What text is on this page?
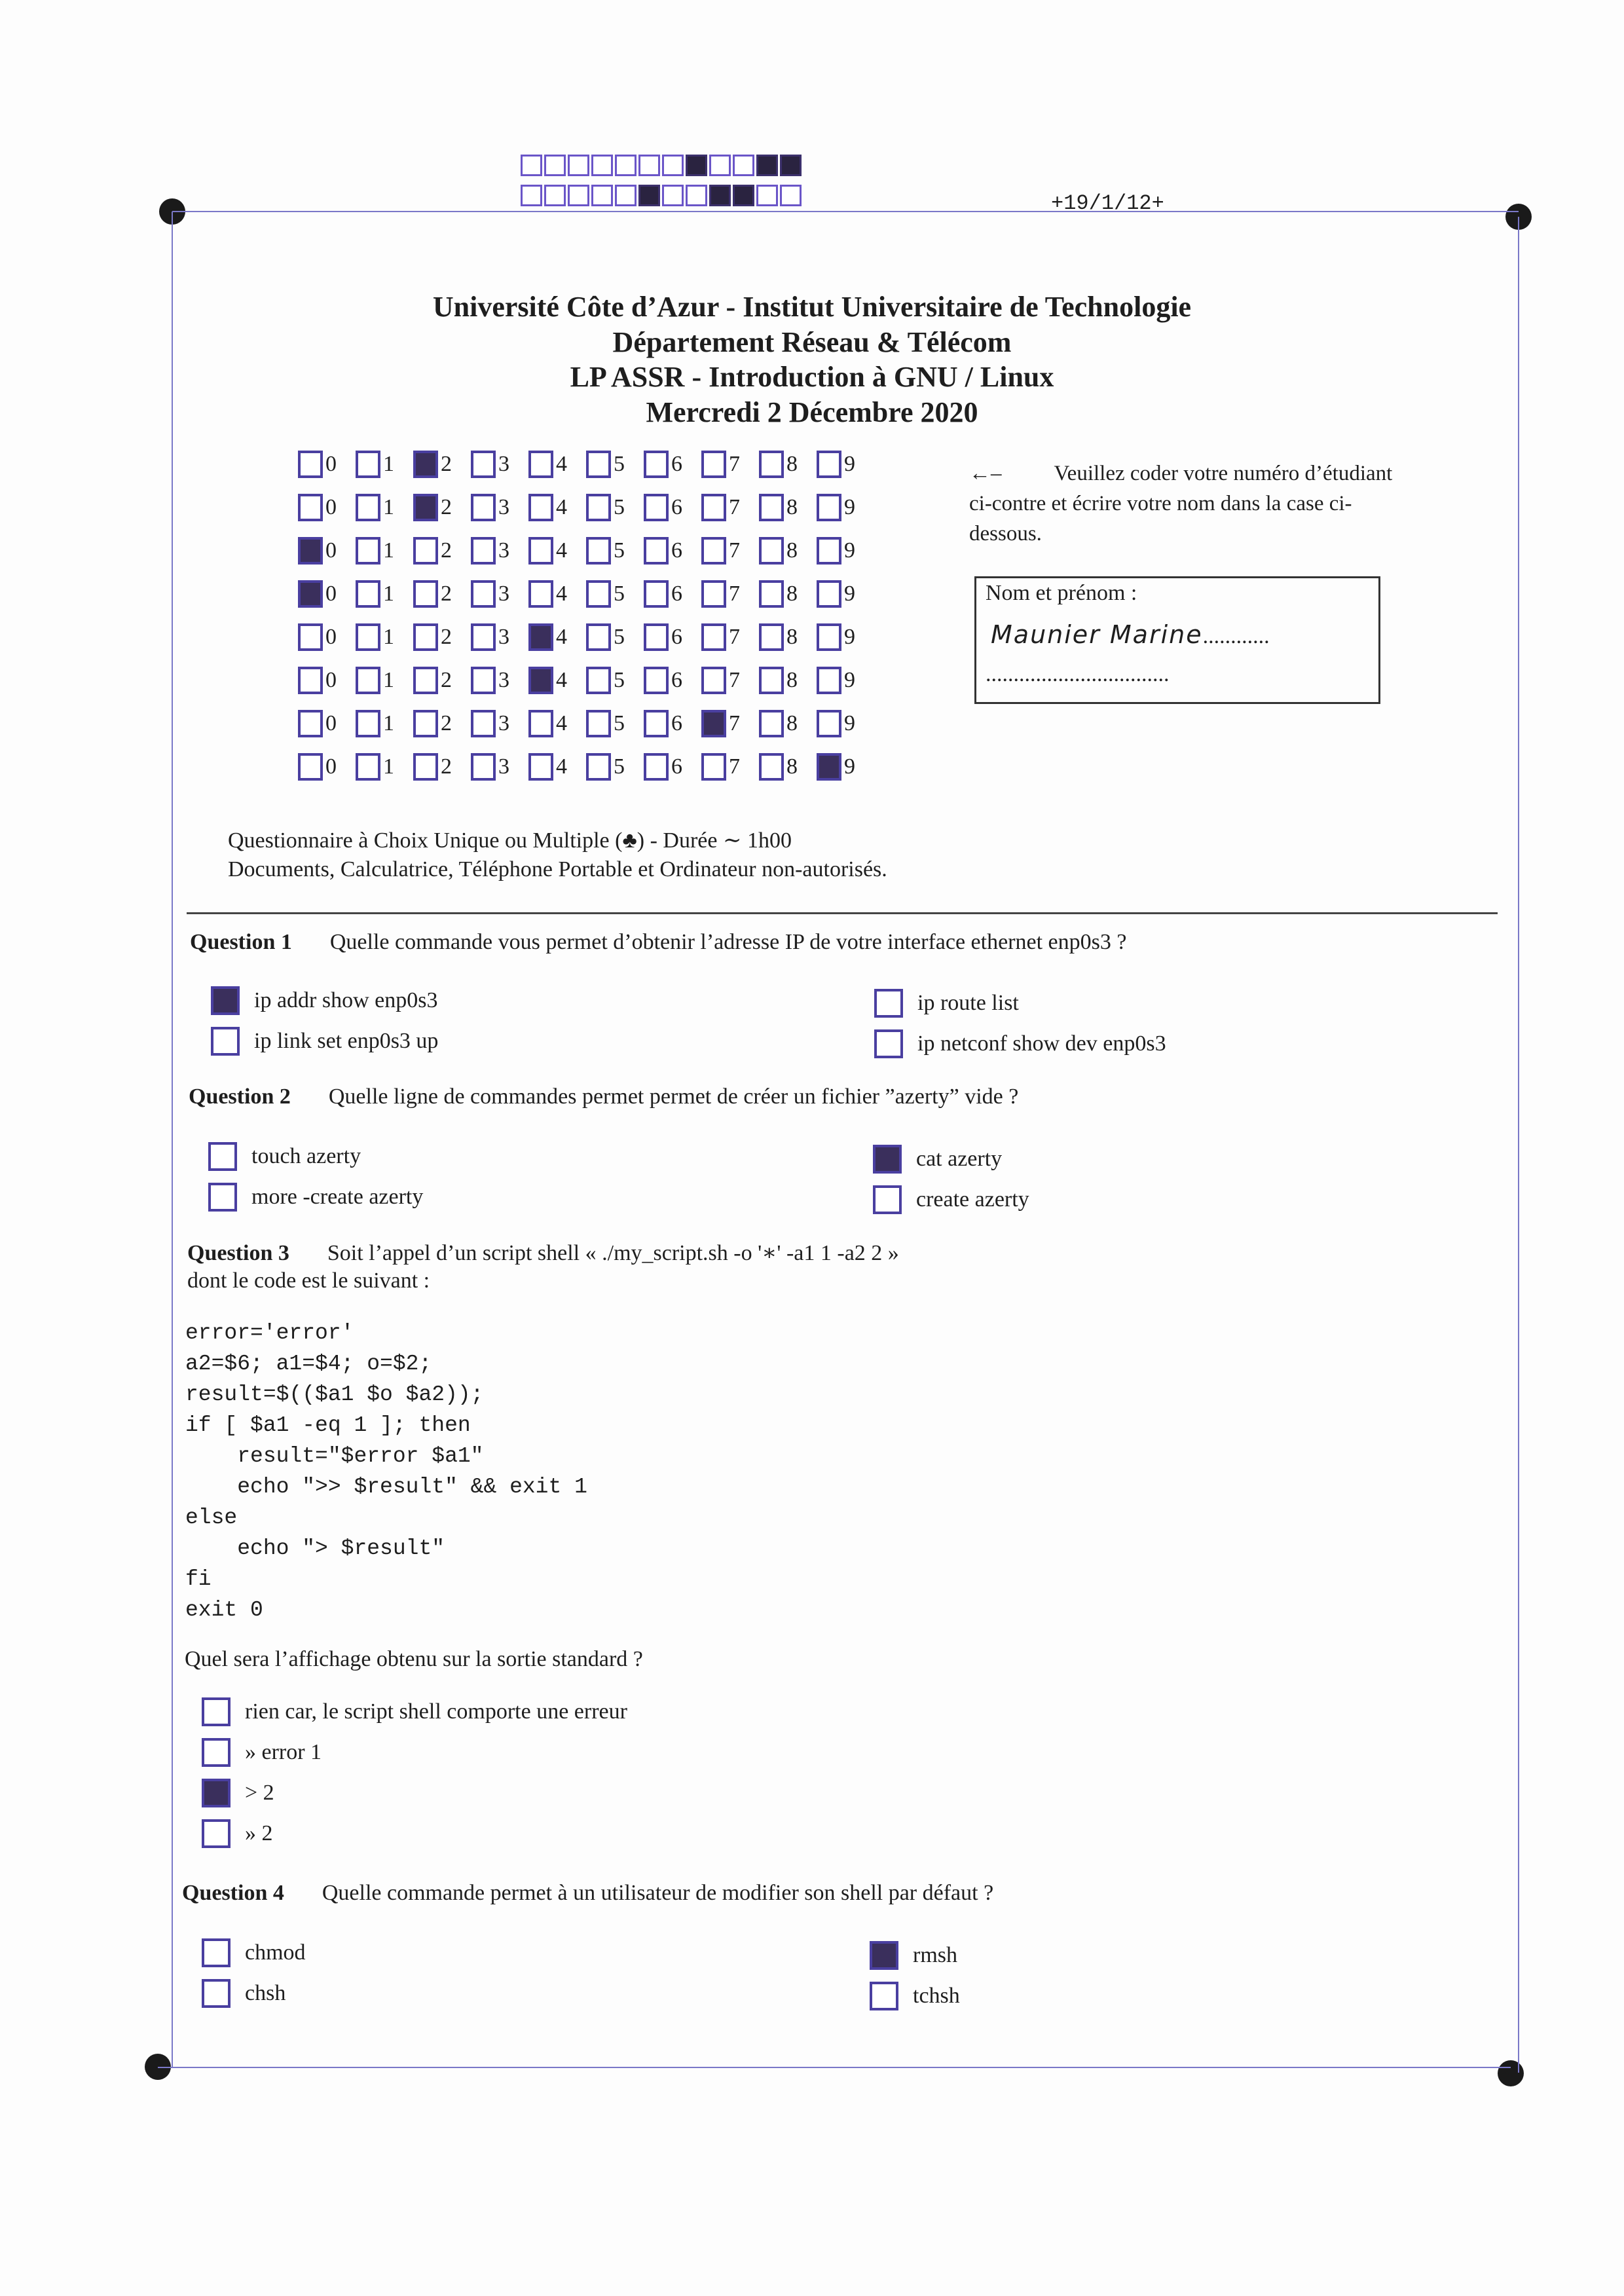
+19/1/12+
Université Côte d’Azur - Institut Universitaire de Technologie
Département Réseau & Télécom
LP ASSR - Introduction à GNU / Linux
Mercredi 2 Décembre 2020
0 1 2 3 4 5 6 7 8 9
0 1 2 3 4 5 6 7 8 9
0 1 2 3 4 5 6 7 8 9
0 1 2 3 4 5 6 7 8 9
0 1 2 3 4 5 6 7 8 9
0 1 2 3 4 5 6 7 8 9
0 1 2 3 4 5 6 7 8 9
0 1 2 3 4 5 6 7 8 9
←– Veuillez coder votre numéro d’étudiant ci-contre et écrire votre nom dans la case ci-dessous.
Nom et prénom :
Maunier Marine............
.................................
Questionnaire à Choix Unique ou Multiple (♣) - Durée ∼ 1h00
Documents, Calculatrice, Téléphone Portable et Ordinateur non-autorisés.
Question 1 Quelle commande vous permet d’obtenir l’adresse IP de votre interface ethernet enp0s3 ?
ip addr show enp0s3
ip link set enp0s3 up
ip route list
ip netconf show dev enp0s3
Question 2 Quelle ligne de commandes permet permet de créer un fichier ”azerty” vide ?
touch azerty
more -create azerty
cat azerty
create azerty
Question 3 Soit l’appel d’un script shell « ./my_script.sh -o '∗' -a1 1 -a2 2 »
dont le code est le suivant :
error='error'
a2=$6; a1=$4; o=$2;
result=$(($a1 $o $a2));
if [ $a1 -eq 1 ]; then
result="$error $a1"
echo ">> $result" && exit 1
else
echo "> $result"
fi
exit 0
Quel sera l’affichage obtenu sur la sortie standard ?
rien car, le script shell comporte une erreur
» error 1
> 2
» 2
Question 4 Quelle commande permet à un utilisateur de modifier son shell par défaut ?
chmod
chsh
rmsh
tchsh
